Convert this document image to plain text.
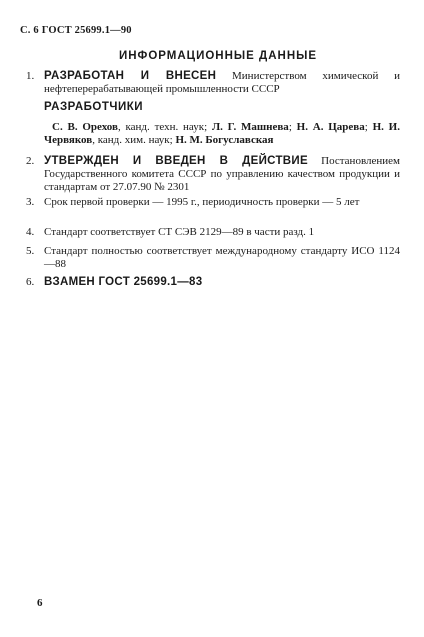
С. 6 ГОСТ 25699.1—90
ИНФОРМАЦИОННЫЕ ДАННЫЕ
1. РАЗРАБОТАН И ВНЕСЕН Министерством химической и нефтеперерабатывающей промышленности СССР
РАЗРАБОТЧИКИ
С. В. Орехов, канд. техн. наук; Л. Г. Машнева; Н. А. Царева; Н. И. Червяков, канд. хим. наук; Н. М. Богуславская
2. УТВЕРЖДЕН И ВВЕДЕН В ДЕЙСТВИЕ Постановлением Государственного комитета СССР по управлению качеством продукции и стандартам от 27.07.90 № 2301
3. Срок первой проверки — 1995 г., периодичность проверки — 5 лет
4. Стандарт соответствует СТ СЭВ 2129—89 в части разд. 1
5. Стандарт полностью соответствует международному стандарту ИСО 1124—88
6. ВЗАМЕН ГОСТ 25699.1—83
6
